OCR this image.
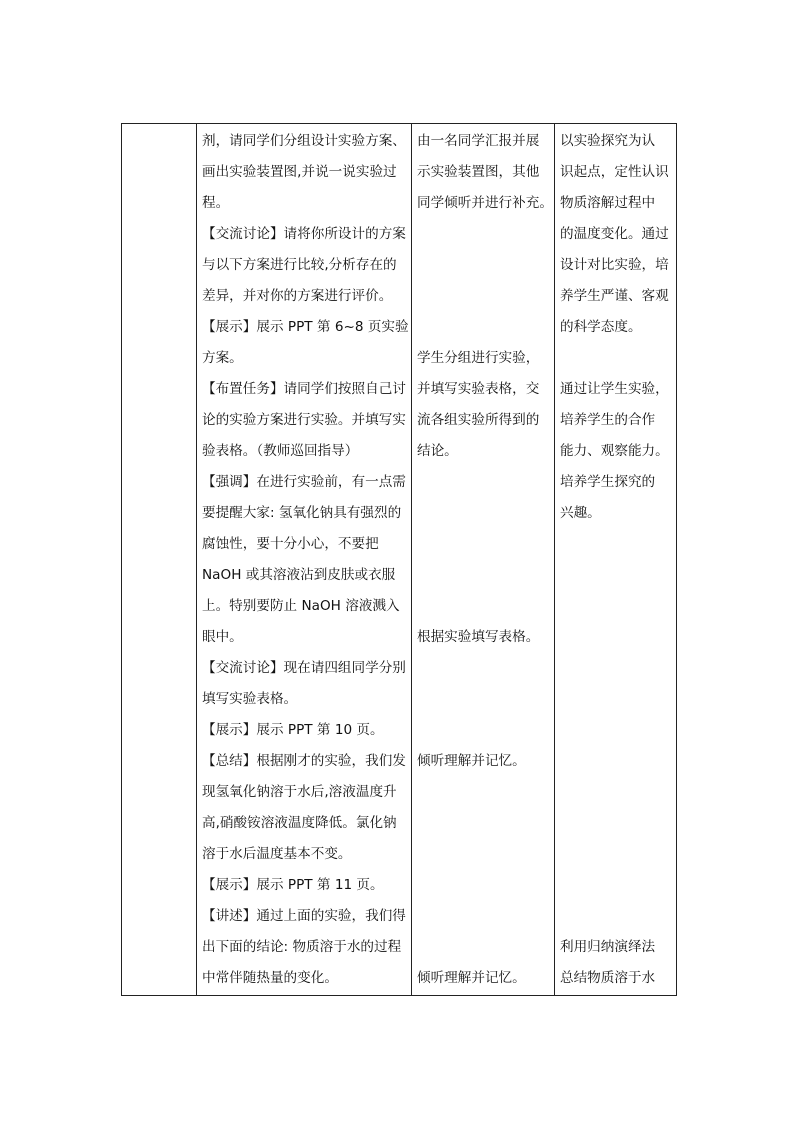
剂，请同学们分组设计实验方案、
画出实验装置图,并说一说实验过
程。
【交流讨论】请将你所设计的方案
与以下方案进行比较,分析存在的
差异，并对你的方案进行评价。
【展示】展示 PPT 第 6~8 页实验
方案。
【布置任务】请同学们按照自己讨
论的实验方案进行实验。并填写实
验表格。（教师巡回指导）
【强调】在进行实验前，有一点需
要提醒大家: 氢氧化钠具有强烈的
腐蚀性，要十分小心，不要把
NaOH 或其溶液沾到皮肤或衣服
上。特别要防止 NaOH 溶液溅入
眼中。
【交流讨论】现在请四组同学分别
填写实验表格。
【展示】展示 PPT 第 10 页。
【总结】根据刚才的实验，我们发
现氢氧化钠溶于水后,溶液温度升
高,硝酸铵溶液温度降低。氯化钠
溶于水后温度基本不变。
【展示】展示 PPT 第 11 页。
【讲述】通过上面的实验，我们得
出下面的结论: 物质溶于水的过程
中常伴随热量的变化。
由一名同学汇报并展
示实验装置图，其他
同学倾听并进行补充。
学生分组进行实验，
并填写实验表格，交
流各组实验所得到的
结论。
根据实验填写表格。
倾听理解并记忆。
倾听理解并记忆。
以实验探究为认
识起点，定性认识
物质溶解过程中
的温度变化。通过
设计对比实验，培
养学生严谨、客观
的科学态度。
通过让学生实验，
培养学生的合作
能力、观察能力。
培养学生探究的
兴趣。
利用归纳演绎法
总结物质溶于水
